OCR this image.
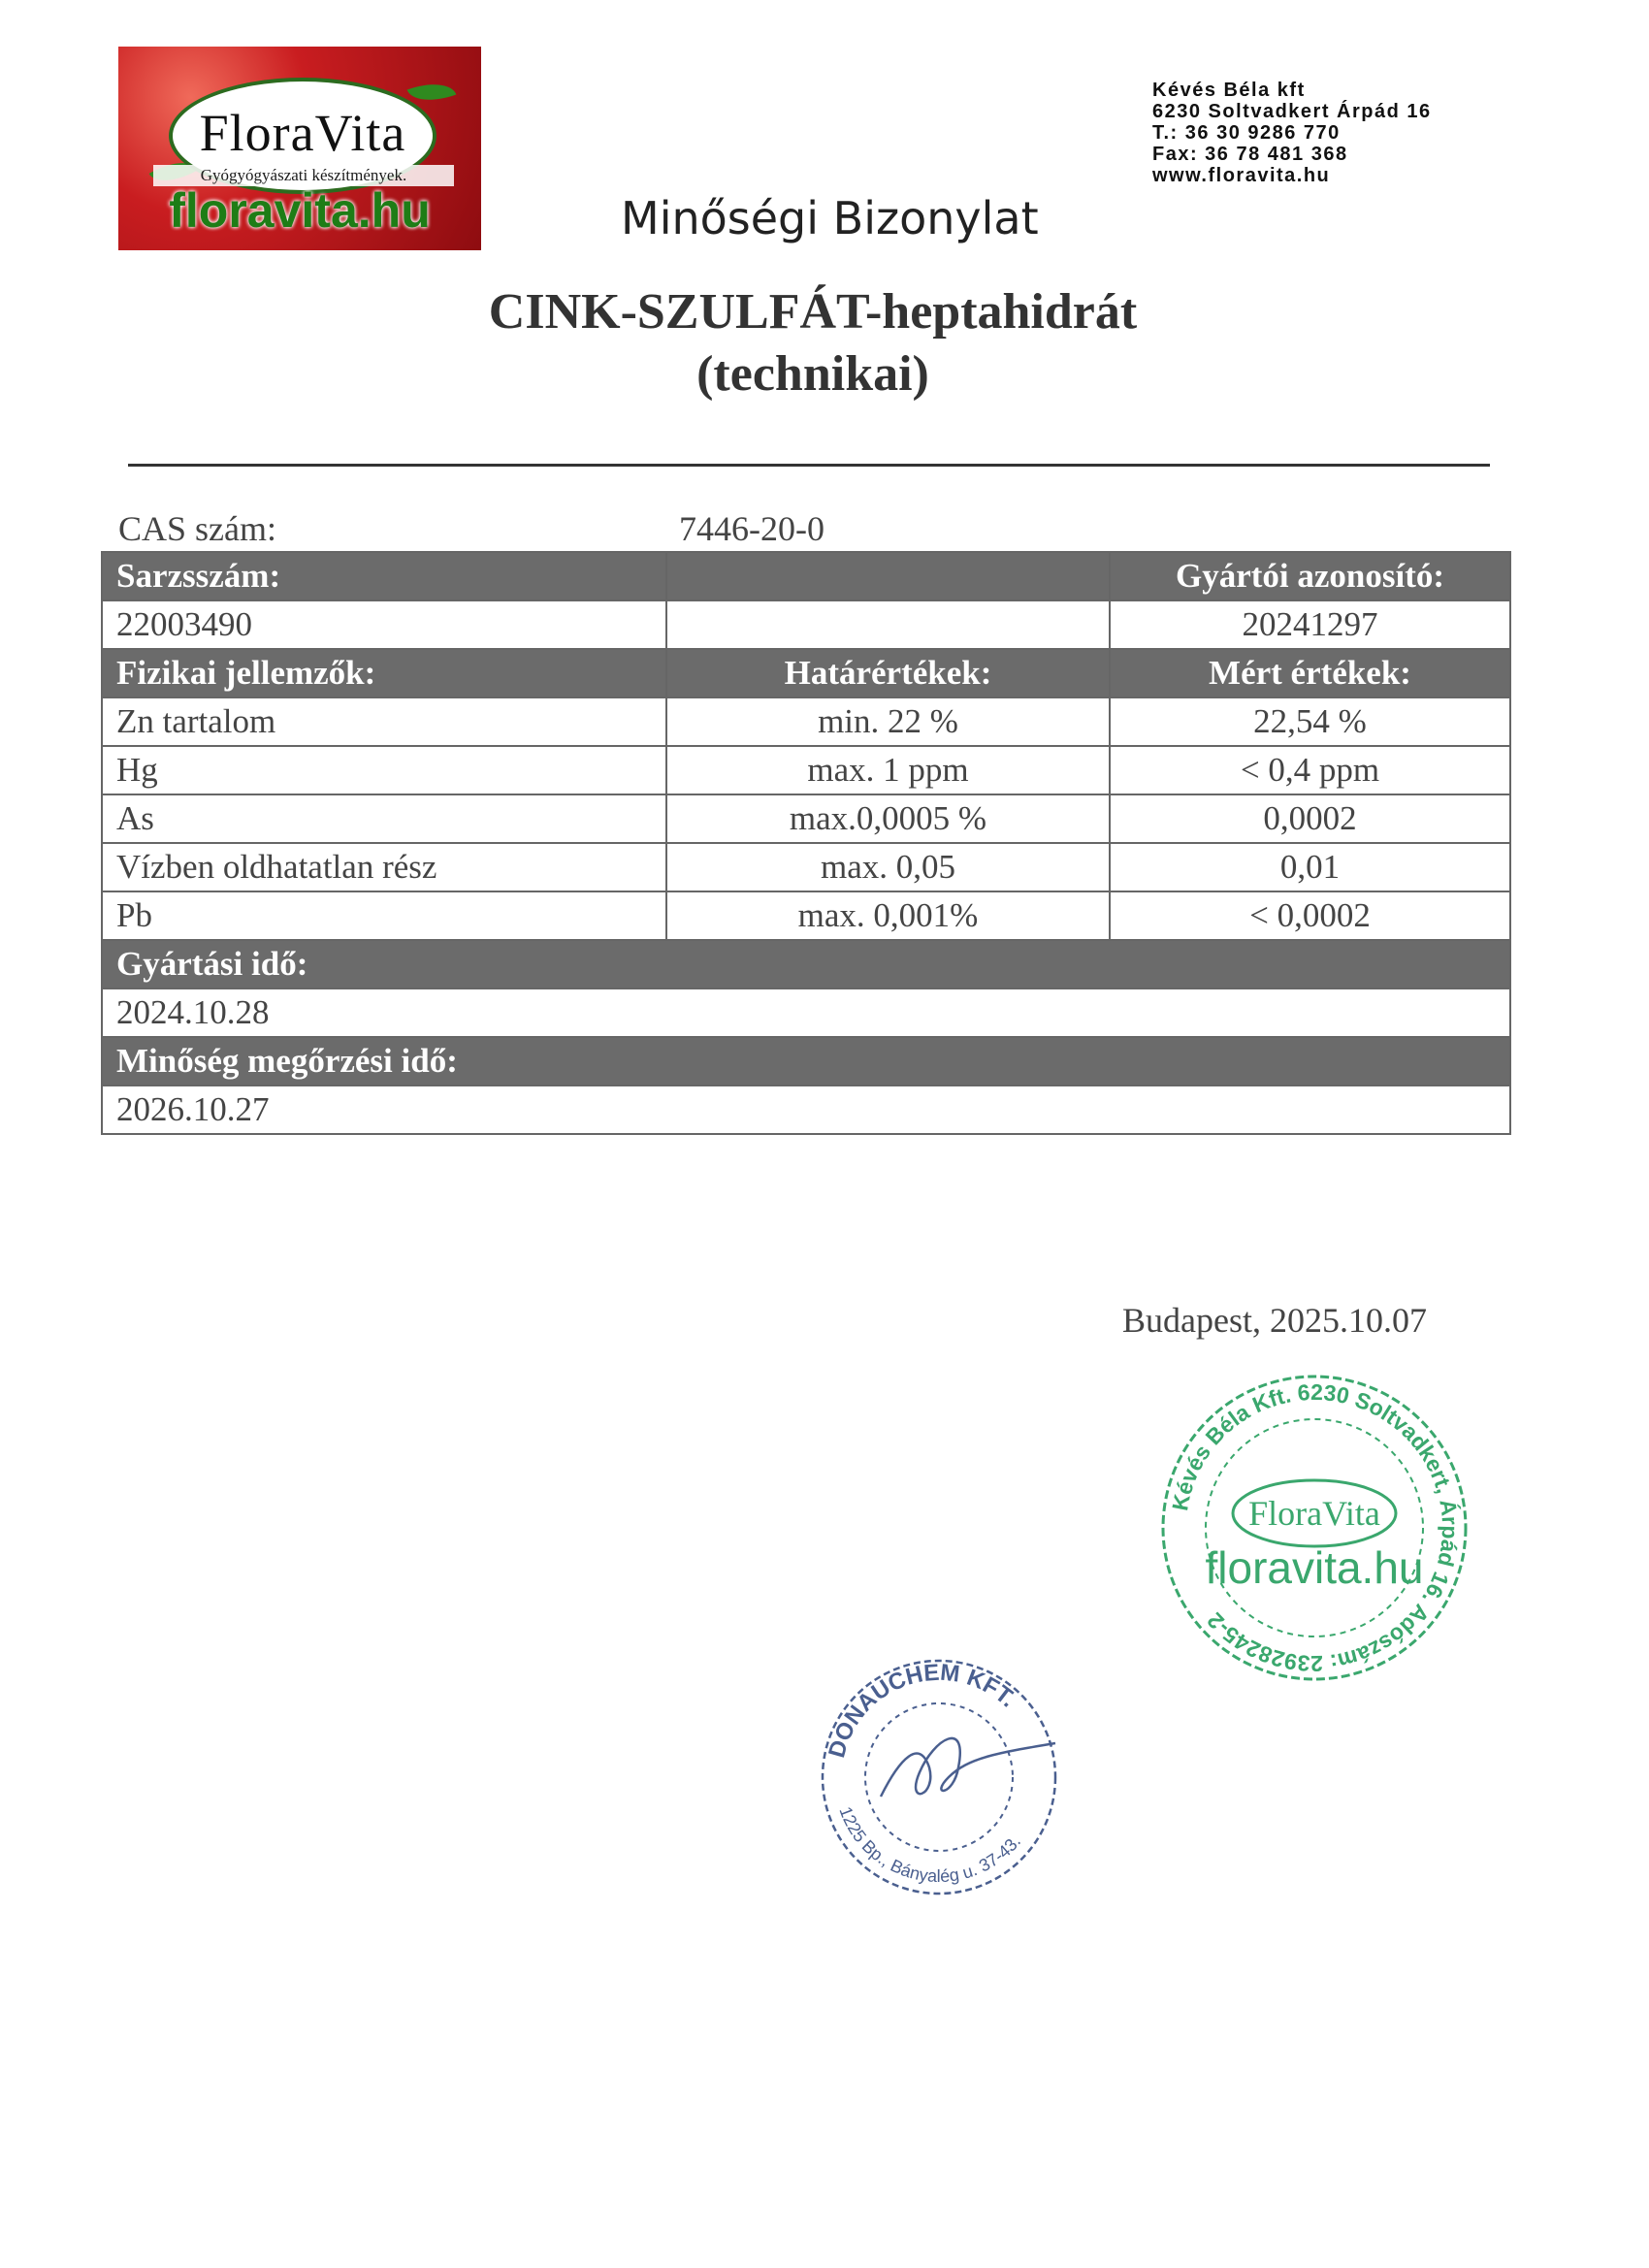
FloraVita
Gyógyógyászati készítmények.
floravita.hu
Kévés Béla kft
6230 Soltvadkert Árpád 16
T.: 36 30 9286 770
Fax: 36 78 481 368
www.floravita.hu
Minőségi Bizonylat
CINK-SZULFÁT-heptahidrát
(technikai)
CAS szám:	7446-20-0
Sarzsszám:		Gyártói azonosító:
22003490		20241297
Fizikai jellemzők:	Határértékek:	Mért értékek:
Zn tartalom	min. 22 %	22,54 %
Hg	max. 1 ppm	< 0,4 ppm
As	max.0,0005 %	0,0002
Vízben oldhatatlan rész	max. 0,05	0,01
Pb	max. 0,001%	< 0,0002
Gyártási idő:		
2024.10.28		
Minőség megőrzési idő:		
2026.10.27		
Budapest, 2025.10.07
Kévés Béla Kft. 6230 Soltvadkert, Árpád 16. Adószám: 23928245-2
FloraVita
floravita.hu
DONAUCHEM KFT.
1225 Bp., Bányalég u. 37-43.
